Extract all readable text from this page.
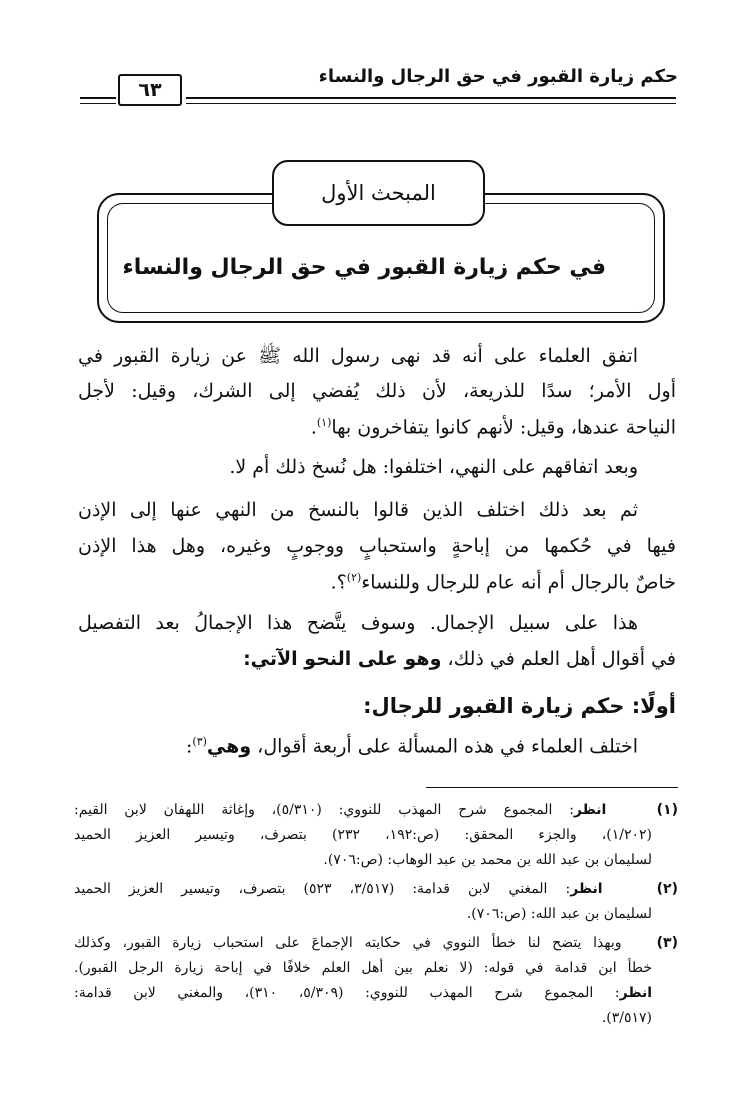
حكم زيارة القبور في حق الرجال والنساء
٦٣
المبحث الأول
في حكم زيارة القبور في حق الرجال والنساء
اتفق العلماء على أنه قد نهى رسول الله ﷺ عن زيارة القبور في
أول الأمر؛ سدًا للذريعة، لأن ذلك يُفضي إلى الشرك، وقيل: لأجل
النياحة عندها، وقيل: لأنهم كانوا يتفاخرون بها$^{(١)}$.
وبعد اتفاقهم على النهي، اختلفوا: هل نُسخ ذلك أم لا.
ثم بعد ذلك اختلف الذين قالوا بالنسخ من النهي عنها إلى الإذن
فيها في حُكمها من إباحةٍ واستحبابٍ ووجوبٍ وغيره، وهل هذا الإذن
خاصٌ بالرجال أم أنه عام للرجال وللنساء$^{(٢)}$؟.
هذا على سبيل الإجمال. وسوف يتَّضح هذا الإجمالُ بعد التفصيل
في أقوال أهل العلم في ذلك، وهو على النحو الآتي:
أولًا: حكم زيارة القبور للرجال:
اختلف العلماء في هذه المسألة على أربعة أقوال، وهي$^{(٣)}$:
(١)   انظر: المجموع شرح المهذب للنووي: (٥/٣١٠)، وإغاثة اللهفان لابن القيم:
(١/٢٠٢)، والجزء المحقق: (ص:١٩٢، ٢٣٢) بتصرف، وتيسير العزيز الحميد
لسليمان بن عبد الله بن محمد بن عبد الوهاب: (ص:٧٠٦).
(٢)   انظر: المغني لابن قدامة: (٣/٥١٧، ٥٢٣) بتصرف، وتيسير العزيز الحميد
لسليمان بن عبد الله: (ص:٧٠٦).
(٣)   وبهذا يتضح لنا خطأ النووي في حكايته الإجماعَ على استحباب زيارة القبور، وكذلك
خطأ ابن قدامة في قوله: (لا نعلم بين أهل العلم خلافًا في إباحة زيارة الرجل القبور).
انظر: المجموع شرح المهذب للنووي: (٥/٣٠٩، ٣١٠)، والمغني لابن قدامة:
(٣/٥١٧).
